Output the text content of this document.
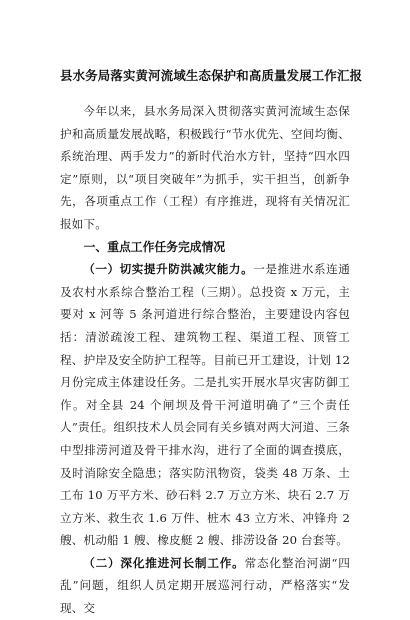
县水务局落实黄河流域生态保护和高质量发展工作汇报

今年以来，县水务局深入贯彻落实黄河流域生态保护和高质量发展战略，积极践行“节水优先、空间均衡、系统治理、两手发力”的新时代治水方针，坚持“四水四定”原则，以“项目突破年”为抓手，实干担当，创新争先，各项重点工作（工程）有序推进，现将有关情况汇报如下。

一、重点工作任务完成情况

（一）切实提升防洪减灾能力。一是推进水系连通及农村水系综合整治工程（三期）。总投资 x 万元，主要对 x 河等 5 条河道进行综合整治，主要建设内容包括：清淤疏浚工程、建筑物工程、渠道工程、顶管工程、护岸及安全防护工程等。目前已开工建设，计划 12 月份完成主体建设任务。二是扎实开展水旱灾害防御工作。对全县 24 个闸坝及骨干河道明确了“三个责任人”责任。组织技术人员会同有关乡镇对两大河道、三条中型排涝河道及骨干排水沟，进行了全面的调查摸底，及时消除安全隐患；落实防汛物资，袋类 48 万条、土工布 10 万平方米、砂石料 2.7 万立方米、块石 2.7 万立方米、救生衣 1.6 万件、桩木 43 立方米、冲锋舟 2 艘、机动船 1 艘、橡皮艇 2 艘、排涝设备 20 台套等。

（二）深化推进河长制工作。常态化整治河湖“四乱”问题，组织人员定期开展巡河行动，严格落实“发现、交
